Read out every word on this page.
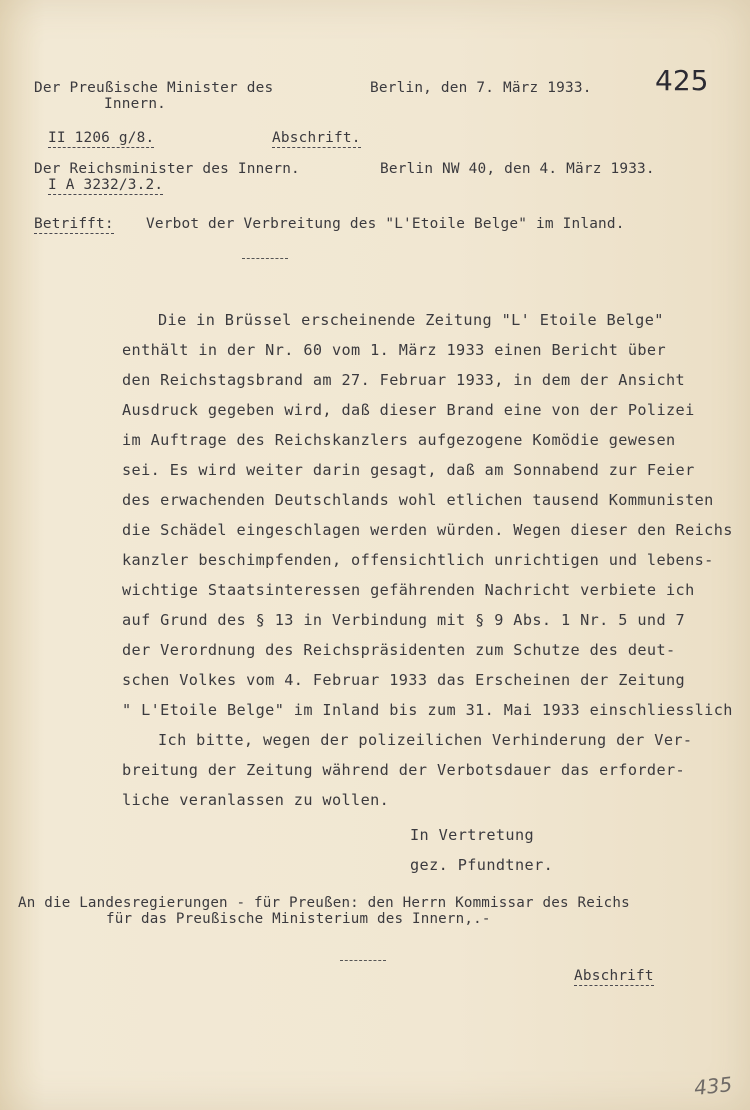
425
Der Preußische Minister des
Innern.
Berlin, den 7. März 1933.
II 1206 g/8.	Abschrift.
Der Reichsminister des Innern.	Berlin NW 40, den 4. März 1933.
I A 3232/3.2.
Betrifft: Verbot der Verbreitung des "L'Etoile Belge" im Inland.
Die in Brüssel erscheinende Zeitung "L' Etoile Belge"
enthält in der Nr. 60 vom 1. März 1933 einen Bericht über
den Reichstagsbrand am 27. Februar 1933, in dem der Ansicht
Ausdruck gegeben wird, daß dieser Brand eine von der Polizei
im Auftrage des Reichskanzlers aufgezogene Komödie gewesen
sei. Es wird weiter darin gesagt, daß am Sonnabend zur Feier
des erwachenden Deutschlands wohl etlichen tausend Kommunisten
die Schädel eingeschlagen werden würden. Wegen dieser den Reichs
kanzler beschimpfenden, offensichtlich unrichtigen und lebens-
wichtige Staatsinteressen gefährenden Nachricht verbiete ich
auf Grund des § 13 in Verbindung mit § 9 Abs. 1 Nr. 5 und 7
der Verordnung des Reichspräsidenten zum Schutze des deut-
schen Volkes vom 4. Februar 1933 das Erscheinen der Zeitung
" L'Etoile Belge" im Inland bis zum 31. Mai 1933 einschliesslich
Ich bitte, wegen der polizeilichen Verhinderung der Ver-
breitung der Zeitung während der Verbotsdauer das erforder-
liche veranlassen zu wollen.
In Vertretung
gez. Pfundtner.
An die Landesregierungen - für Preußen: den Herrn Kommissar des Reichs
für das Preußische Ministerium des Innern,.-
Abschrift
435
